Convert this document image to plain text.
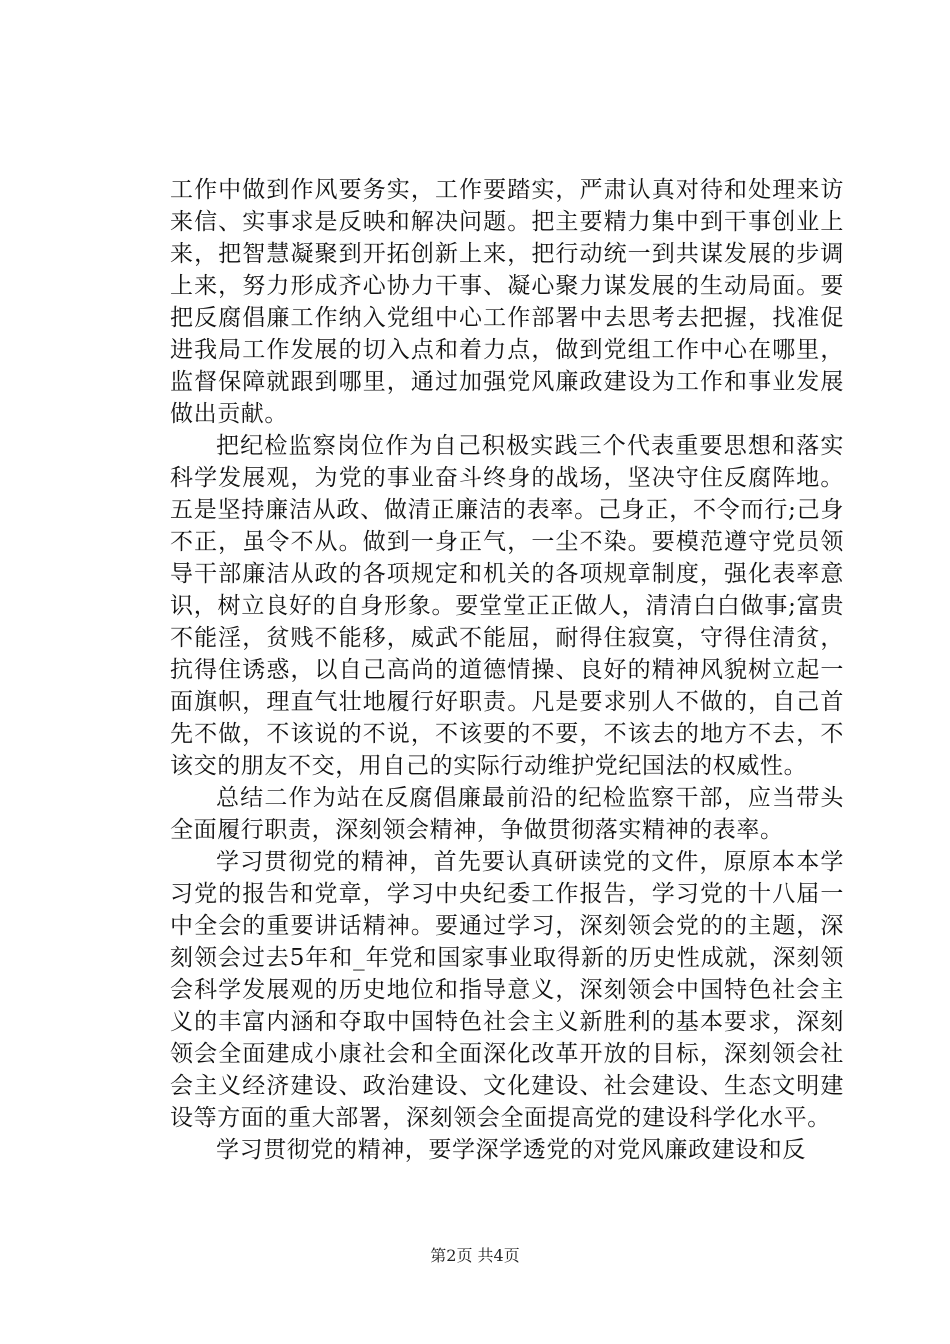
工作中做到作风要务实，工作要踏实，严肃认真对待和处理来访来信、实事求是反映和解决问题。把主要精力集中到干事创业上来，把智慧凝聚到开拓创新上来，把行动统一到共谋发展的步调上来，努力形成齐心协力干事、凝心聚力谋发展的生动局面。要把反腐倡廉工作纳入党组中心工作部署中去思考去把握，找准促进我局工作发展的切入点和着力点，做到党组工作中心在哪里，监督保障就跟到哪里，通过加强党风廉政建设为工作和事业发展做出贡献。

把纪检监察岗位作为自己积极实践三个代表重要思想和落实科学发展观，为党的事业奋斗终身的战场，坚决守住反腐阵地。五是坚持廉洁从政、做清正廉洁的表率。己身正，不令而行;己身不正，虽令不从。做到一身正气，一尘不染。要模范遵守党员领导干部廉洁从政的各项规定和机关的各项规章制度，强化表率意识，树立良好的自身形象。要堂堂正正做人，清清白白做事;富贵不能淫，贫贱不能移，威武不能屈，耐得住寂寞，守得住清贫，抗得住诱惑，以自己高尚的道德情操、良好的精神风貌树立起一面旗帜，理直气壮地履行好职责。凡是要求别人不做的，自己首先不做，不该说的不说，不该要的不要，不该去的地方不去，不该交的朋友不交，用自己的实际行动维护党纪国法的权威性。

总结二作为站在反腐倡廉最前沿的纪检监察干部，应当带头全面履行职责，深刻领会精神，争做贯彻落实精神的表率。

学习贯彻党的精神，首先要认真研读党的文件，原原本本学习党的报告和党章，学习中央纪委工作报告，学习党的十八届一中全会的重要讲话精神。要通过学习，深刻领会党的的主题，深刻领会过去5年和_年党和国家事业取得新的历史性成就，深刻领会科学发展观的历史地位和指导意义，深刻领会中国特色社会主义的丰富内涵和夺取中国特色社会主义新胜利的基本要求，深刻领会全面建成小康社会和全面深化改革开放的目标，深刻领会社会主义经济建设、政治建设、文化建设、社会建设、生态文明建设等方面的重大部署，深刻领会全面提高党的建设科学化水平。

学习贯彻党的精神，要学深学透党的对党风廉政建设和反

第2页 共4页
